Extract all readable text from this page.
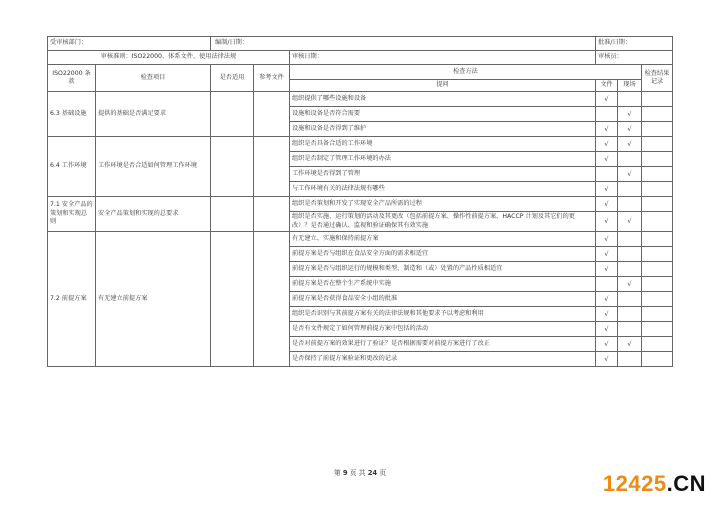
受审核部门：		编制/日期：			批准/日期：		
审核准则：ISO22000、体系文件、使用法律法规				审核日期：	审核员：		
ISO22000 条款	检查项目	是否适用	参考文件	检查方法			检查结果记录
				提问	文件	现场	
6.3 基础设施	提供的基础是否满足要求			组织提供了哪些设施和设备	√		
				设施和设备是否符合需要		√	
				设施和设备是否得到了维护	√	√	
6.4 工作环境	工作环境是否合适如何管理工作环境			组织是否具备合适的工作环境	√	√	
				组织是否制定了管理工作环境的办法	√		
				工作环境是否得到了管理		√	
				与工作环境有关的法律法规有哪些	√		
7.1 安全产品的策划和实现总则	安全产品策划和实现的总要求			组织是否策划和开发了实现安全产品所需的过程	√		
				组织是否实施、运行策划的活动及其更改（包括前提方案、操作性前提方案、HACCP 计划及其它们的更改）？是否通过确认、监视和验证确保其有效实施	√	√	
7.2 前提方案	有无建立前提方案			有无建立、实施和保持前提方案	√		
				前提方案是否与组织在食品安全方面的需求相适宜	√		
				前提方案是否与组织运行的规模和类型、制造和（或）处置的产品性质相适宜	√		
				前提方案是否在整个生产系统中实施		√	
				前提方案是否获得食品安全小组的批准	√		
				组织是否识别与其前提方案有关的法律法规和其他要求予以考虑和利用	√		
				是否有文件规定了如何管理前提方案中包括的活动	√		
				是否对前提方案的效果进行了验证？是否根据需要对前提方案进行了改正	√	√	
				是否保持了前提方案验证和更改的记录	√		
第 9 页 共 24 页	12425.CN
